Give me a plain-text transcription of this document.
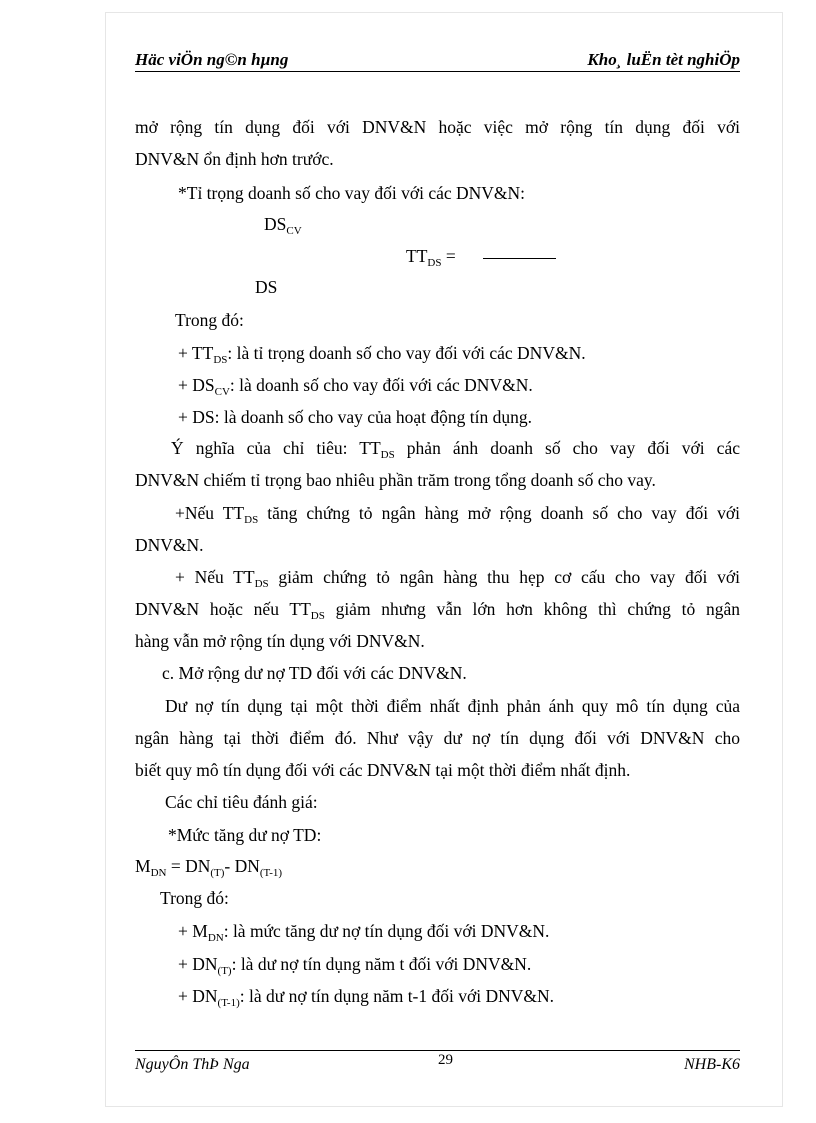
Häc viÖn ng©n hµng	Kho¸ luËn tèt nghiÖp
mở rộng tín dụng đối với DNV&N hoặc việc mở rộng tín dụng đối với
DNV&N ổn định hơn trước.
*Tỉ trọng doanh số cho vay đối với các DNV&N:
$DS_{CV}$
$TT_{DS}$ =
DS
Trong đó:
+ $TT_{DS}$: là tỉ trọng doanh số cho vay đối với các DNV&N.
+ $DS_{CV}$: là doanh số cho vay đối với các DNV&N.
+ DS: là doanh số cho vay của hoạt động tín dụng.
Ý nghĩa của chỉ tiêu: $TT_{DS}$ phản ánh doanh số cho vay đối với các
DNV&N chiếm tỉ trọng bao nhiêu phần trăm trong tổng doanh số cho vay.
+Nếu $TT_{DS}$ tăng chứng tỏ ngân hàng mở rộng doanh số cho vay đối với
DNV&N.
+ Nếu $TT_{DS}$ giảm chứng tỏ ngân hàng thu hẹp cơ cấu cho vay đối với
DNV&N hoặc nếu $TT_{DS}$ giảm nhưng vẫn lớn hơn không thì chứng tỏ ngân
hàng vẫn mở rộng tín dụng với DNV&N.
c. Mở rộng dư nợ TD đối với các DNV&N.
Dư nợ tín dụng tại một thời điểm nhất định phản ánh quy mô tín dụng của
ngân hàng tại thời điểm đó. Như vậy dư nợ tín dụng đối với DNV&N cho
biết quy mô tín dụng đối với các DNV&N tại một thời điểm nhất định.
Các chỉ tiêu đánh giá:
*Mức tăng dư nợ TD:
$M_{DN} = DN_{(T)}-$ $DN_{(T-1)}$
Trong đó:
+ $M_{DN}$: là mức tăng dư nợ tín dụng đối với DNV&N.
+ $DN_{(T)}$: là dư nợ tín dụng năm t đối với DNV&N.
+ $DN_{(T-1)}$: là dư nợ tín dụng năm t-1 đối với DNV&N.
NguyÔn ThÞ Nga	29	NHB-K6
